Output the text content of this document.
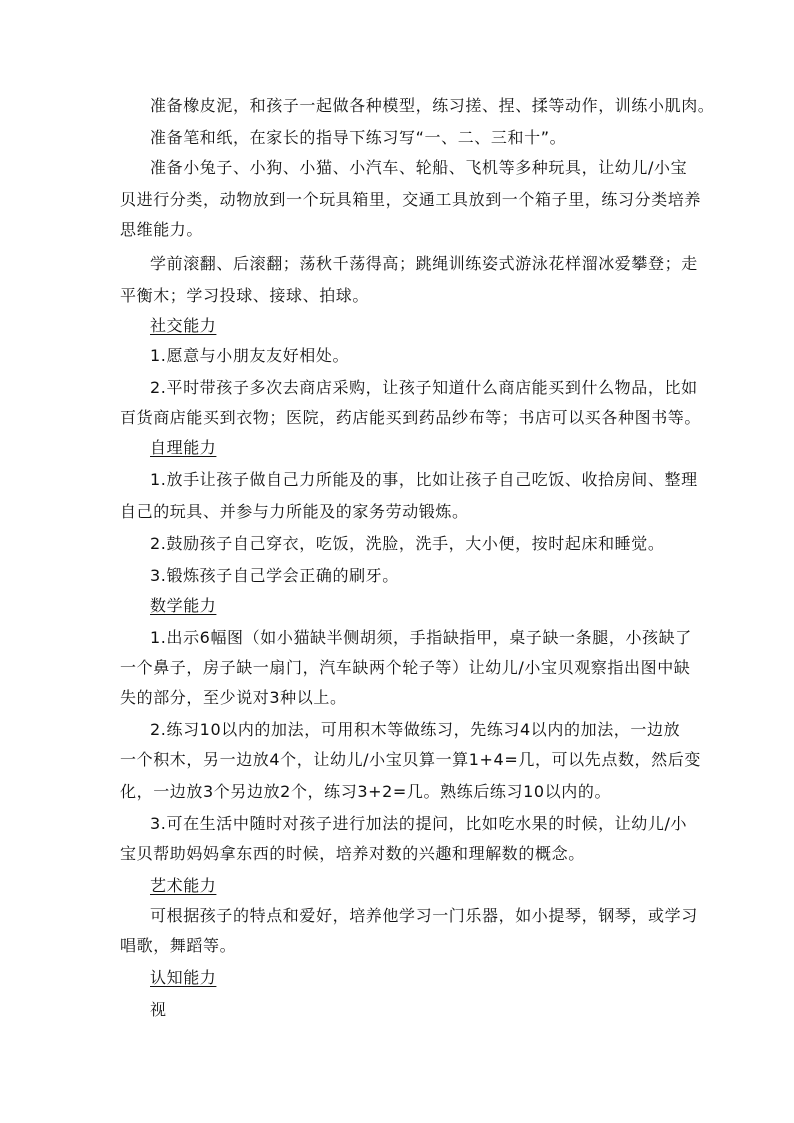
准备橡皮泥，和孩子一起做各种模型，练习搓、捏、揉等动作，训练小肌肉。
准备笔和纸，在家长的指导下练习写“一、二、三和十”。
准备小兔子、小狗、小猫、小汽车、轮船、飞机等多种玩具，让幼儿/小宝
贝进行分类，动物放到一个玩具箱里，交通工具放到一个箱子里，练习分类培养
思维能力。
学前滚翻、后滚翻；荡秋千荡得高；跳绳训练姿式游泳花样溜冰爱攀登；走
平衡木；学习投球、接球、拍球。
社交能力
1.愿意与小朋友友好相处。
2.平时带孩子多次去商店采购，让孩子知道什么商店能买到什么物品，比如
百货商店能买到衣物；医院，药店能买到药品纱布等；书店可以买各种图书等。
自理能力
1.放手让孩子做自己力所能及的事，比如让孩子自己吃饭、收拾房间、整理
自己的玩具、并参与力所能及的家务劳动锻炼。
2.鼓励孩子自己穿衣，吃饭，洗脸，洗手，大小便，按时起床和睡觉。
3.锻炼孩子自己学会正确的刷牙。
数学能力
1.出示6幅图（如小猫缺半侧胡须，手指缺指甲，桌子缺一条腿，小孩缺了
一个鼻子，房子缺一扇门，汽车缺两个轮子等）让幼儿/小宝贝观察指出图中缺
失的部分，至少说对3种以上。
2.练习10以内的加法，可用积木等做练习，先练习4以内的加法，一边放
一个积木，另一边放4个，让幼儿/小宝贝算一算1+4=几，可以先点数，然后变
化，一边放3个另边放2个，练习3+2=几。熟练后练习10以内的。
3.可在生活中随时对孩子进行加法的提问，比如吃水果的时候，让幼儿/小
宝贝帮助妈妈拿东西的时候，培养对数的兴趣和理解数的概念。
艺术能力
可根据孩子的特点和爱好，培养他学习一门乐器，如小提琴，钢琴，或学习
唱歌，舞蹈等。
认知能力
视
